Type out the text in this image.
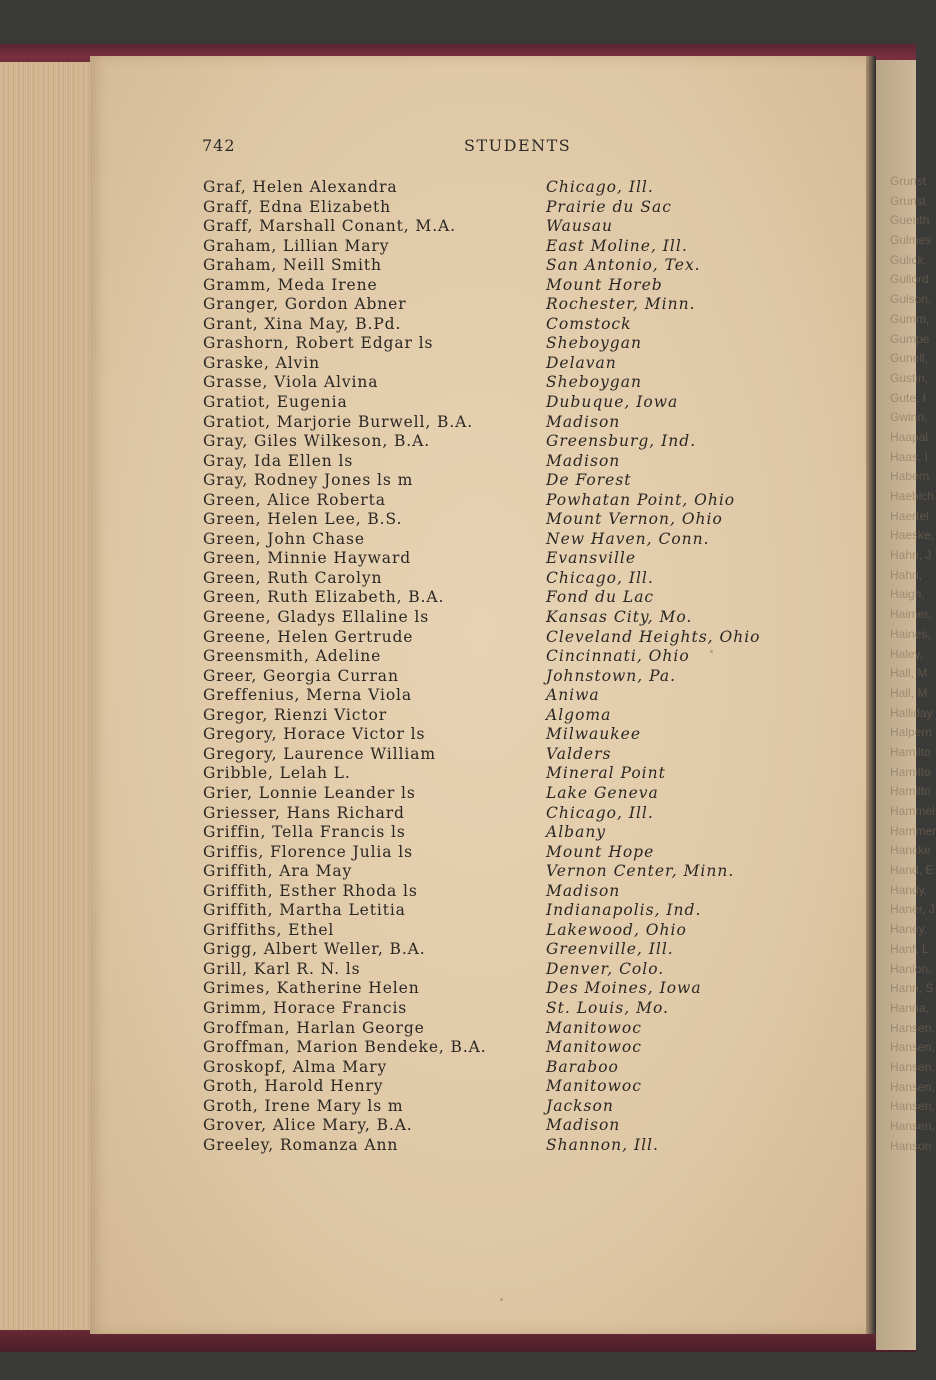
Grunst
Grunst
Guenth
Gulmes
Gulick,
Gullord
Gulson,
Gumm,
Gumpe
Gunell,
Gustin,
Gute, I
Gwinn,
Haapal
Haas, I
Habern
Haebich
Haertel
Haeske,
Hahn, J
Hahn,
Haigh,
Haimer,
Haines,
Haley,
Hall, M
Hall, M
Halliday
Halpern
Hamilto
Hamilto
Hamilto
Hammel
Hammer
Hancke
Hand, E
Handy,
Haner, J
Haney,
Hanf, L
Hanlon,
Hann, S
Hanna,
Hansen,
Hansen,
Hansen,
Hansen,
Hansen,
Hansen,
Hanson
742	STUDENTS
Graf, Helen Alexandra	Chicago, Ill.
Graff, Edna Elizabeth	Prairie du Sac
Graff, Marshall Conant, M.A.	Wausau
Graham, Lillian Mary	East Moline, Ill.
Graham, Neill Smith	San Antonio, Tex.
Gramm, Meda Irene	Mount Horeb
Granger, Gordon Abner	Rochester, Minn.
Grant, Xina May, B.Pd.	Comstock
Grashorn, Robert Edgar ls	Sheboygan
Graske, Alvin	Delavan
Grasse, Viola Alvina	Sheboygan
Gratiot, Eugenia	Dubuque, Iowa
Gratiot, Marjorie Burwell, B.A.	Madison
Gray, Giles Wilkeson, B.A.	Greensburg, Ind.
Gray, Ida Ellen ls	Madison
Gray, Rodney Jones ls m	De Forest
Green, Alice Roberta	Powhatan Point, Ohio
Green, Helen Lee, B.S.	Mount Vernon, Ohio
Green, John Chase	New Haven, Conn.
Green, Minnie Hayward	Evansville
Green, Ruth Carolyn	Chicago, Ill.
Green, Ruth Elizabeth, B.A.	Fond du Lac
Greene, Gladys Ellaline ls	Kansas City, Mo.
Greene, Helen Gertrude	Cleveland Heights, Ohio
Greensmith, Adeline	Cincinnati, Ohio
Greer, Georgia Curran	Johnstown, Pa.
Greffenius, Merna Viola	Aniwa
Gregor, Rienzi Victor	Algoma
Gregory, Horace Victor ls	Milwaukee
Gregory, Laurence William	Valders
Gribble, Lelah L.	Mineral Point
Grier, Lonnie Leander ls	Lake Geneva
Griesser, Hans Richard	Chicago, Ill.
Griffin, Tella Francis ls	Albany
Griffis, Florence Julia ls	Mount Hope
Griffith, Ara May	Vernon Center, Minn.
Griffith, Esther Rhoda ls	Madison
Griffith, Martha Letitia	Indianapolis, Ind.
Griffiths, Ethel	Lakewood, Ohio
Grigg, Albert Weller, B.A.	Greenville, Ill.
Grill, Karl R. N. ls	Denver, Colo.
Grimes, Katherine Helen	Des Moines, Iowa
Grimm, Horace Francis	St. Louis, Mo.
Groffman, Harlan George	Manitowoc
Groffman, Marion Bendeke, B.A.	Manitowoc
Groskopf, Alma Mary	Baraboo
Groth, Harold Henry	Manitowoc
Groth, Irene Mary ls m	Jackson
Grover, Alice Mary, B.A.	Madison
Greeley, Romanza Ann	Shannon, Ill.
